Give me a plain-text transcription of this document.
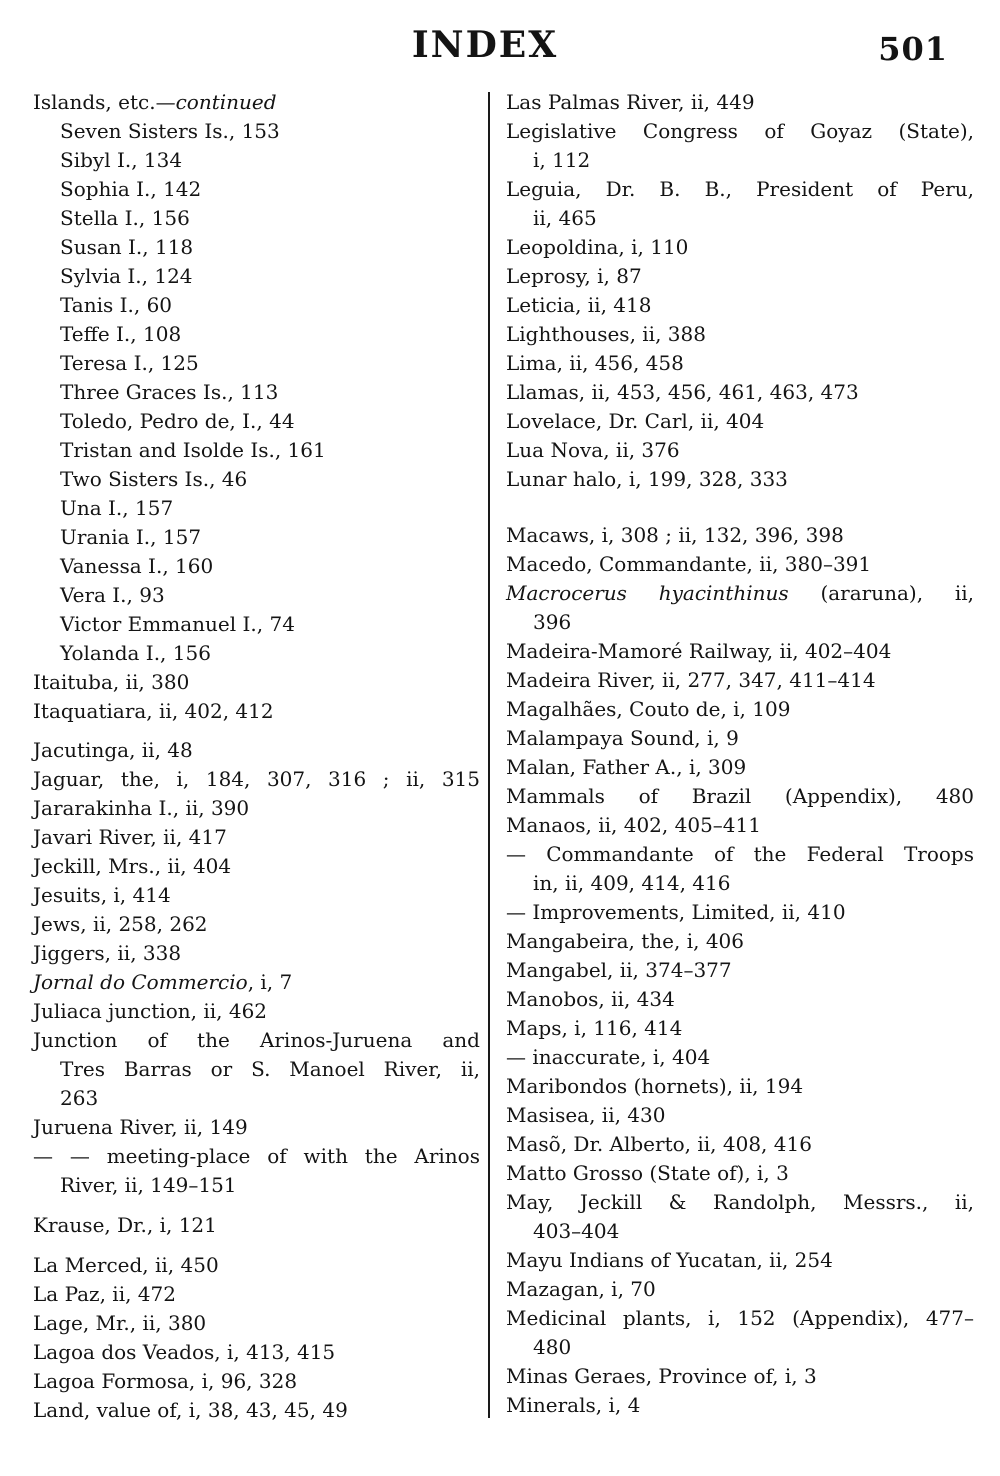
INDEX	501
Islands, etc.—continued
Seven Sisters Is., 153
Sibyl I., 134
Sophia I., 142
Stella I., 156
Susan I., 118
Sylvia I., 124
Tanis I., 60
Teffe I., 108
Teresa I., 125
Three Graces Is., 113
Toledo, Pedro de, I., 44
Tristan and Isolde Is., 161
Two Sisters Is., 46
Una I., 157
Urania I., 157
Vanessa I., 160
Vera I., 93
Victor Emmanuel I., 74
Yolanda I., 156
Itaituba, ii, 380
Itaquatiara, ii, 402, 412
Jacutinga, ii, 48
Jaguar, the, i, 184, 307, 316 ; ii, 315
Jararakinha I., ii, 390
Javari River, ii, 417
Jeckill, Mrs., ii, 404
Jesuits, i, 414
Jews, ii, 258, 262
Jiggers, ii, 338
Jornal do Commercio, i, 7
Juliaca junction, ii, 462
Junction of the Arinos-Juruena and
Tres Barras or S. Manoel River, ii,
263
Juruena River, ii, 149
— — meeting-place of with the Arinos
River, ii, 149–151
Krause, Dr., i, 121
La Merced, ii, 450
La Paz, ii, 472
Lage, Mr., ii, 380
Lagoa dos Veados, i, 413, 415
Lagoa Formosa, i, 96, 328
Land, value of, i, 38, 43, 45, 49
Las Palmas River, ii, 449
Legislative Congress of Goyaz (State),
i, 112
Leguia, Dr. B. B., President of Peru,
ii, 465
Leopoldina, i, 110
Leprosy, i, 87
Leticia, ii, 418
Lighthouses, ii, 388
Lima, ii, 456, 458
Llamas, ii, 453, 456, 461, 463, 473
Lovelace, Dr. Carl, ii, 404
Lua Nova, ii, 376
Lunar halo, i, 199, 328, 333
Macaws, i, 308 ; ii, 132, 396, 398
Macedo, Commandante, ii, 380–391
Macrocerus hyacinthinus (araruna), ii,
396
Madeira-Mamoré Railway, ii, 402–404
Madeira River, ii, 277, 347, 411–414
Magalhães, Couto de, i, 109
Malampaya Sound, i, 9
Malan, Father A., i, 309
Mammals of Brazil (Appendix), 480
Manaos, ii, 402, 405–411
— Commandante of the Federal Troops
in, ii, 409, 414, 416
— Improvements, Limited, ii, 410
Mangabeira, the, i, 406
Mangabel, ii, 374–377
Manobos, ii, 434
Maps, i, 116, 414
— inaccurate, i, 404
Maribondos (hornets), ii, 194
Masisea, ii, 430
Masõ, Dr. Alberto, ii, 408, 416
Matto Grosso (State of), i, 3
May, Jeckill & Randolph, Messrs., ii,
403–404
Mayu Indians of Yucatan, ii, 254
Mazagan, i, 70
Medicinal plants, i, 152 (Appendix), 477–
480
Minas Geraes, Province of, i, 3
Minerals, i, 4
